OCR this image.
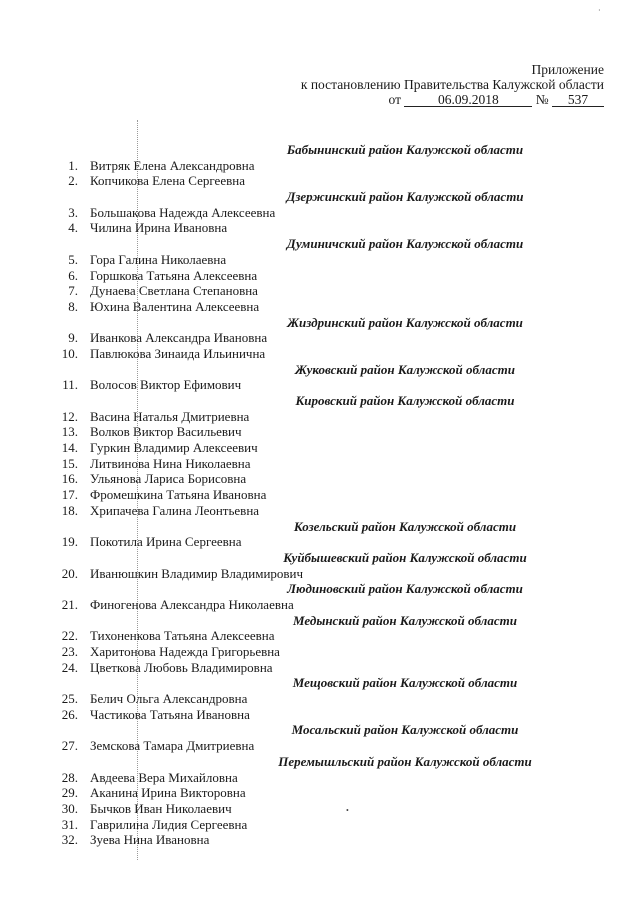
·
•
Приложение
к постановлению Правительства Калужской области
от	06.09.2018	№ 537
Бабынинский район Калужской области
1. Витряк Елена Александровна
2. Копчикова Елена Сергеевна
Дзержинский район Калужской области
3. Большакова Надежда Алексеевна
4. Чилина Ирина Ивановна
Думиничский район Калужской области
5. Гора Галина Николаевна
6. Горшкова Татьяна Алексеевна
7. Дунаева Светлана Степановна
8. Юхина Валентина Алексеевна
Жиздринский район Калужской области
9. Иванкова Александра Ивановна
10. Павлюкова Зинаида Ильинична
Жуковский район Калужской области
11. Волосов Виктор Ефимович
Кировский район Калужской области
12. Васина Наталья Дмитриевна
13. Волков Виктор Васильевич
14. Гуркин Владимир Алексеевич
15. Литвинова Нина Николаевна
16. Ульянова Лариса Борисовна
17. Фромешкина Татьяна Ивановна
18. Хрипачева Галина Леонтьевна
Козельский район Калужской области
19. Покотила Ирина Сергеевна
Куйбышевский район Калужской области
20. Иванюшкин Владимир Владимирович
Людиновский район Калужской области
21. Финогенова Александра Николаевна
Медынский район Калужской области
22. Тихоненкова Татьяна Алексеевна
23. Харитонова Надежда Григорьевна
24. Цветкова Любовь Владимировна
Мещовский район Калужской области
25. Белич Ольга Александровна
26. Частикова Татьяна Ивановна
Мосальский район Калужской области
27. Земскова Тамара Дмитриевна
Перемышльский район Калужской области
28. Авдеева Вера Михайловна
29. Аканина Ирина Викторовна
30. Бычков Иван Николаевич
31. Гаврилина Лидия Сергеевна
32. Зуева Нина Ивановна
